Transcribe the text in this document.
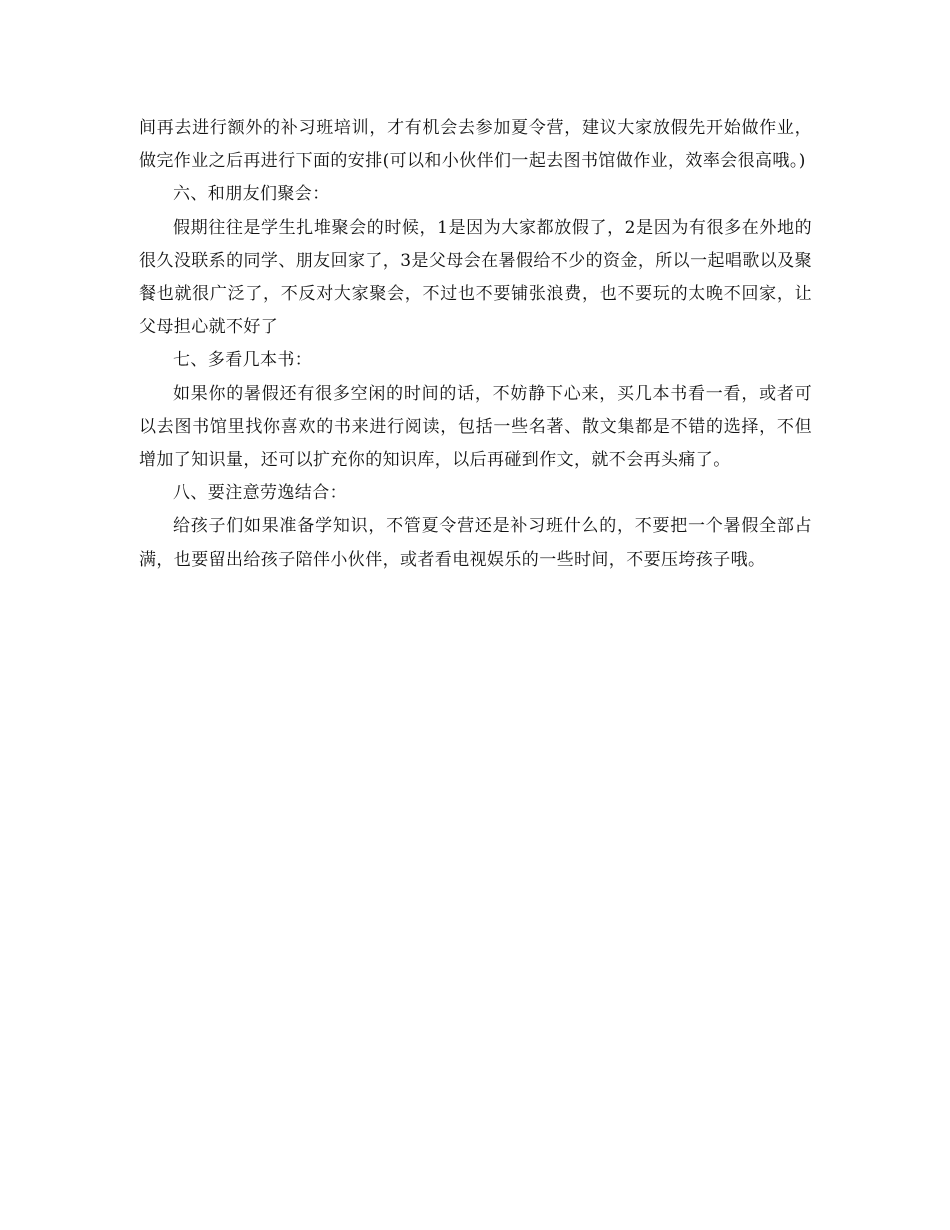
间再去进行额外的补习班培训，才有机会去参加夏令营，建议大家放假先开始做作业，做完作业之后再进行下面的安排(可以和小伙伴们一起去图书馆做作业，效率会很高哦。)

六、和朋友们聚会：

假期往往是学生扎堆聚会的时候，1是因为大家都放假了，2是因为有很多在外地的很久没联系的同学、朋友回家了，3是父母会在暑假给不少的资金，所以一起唱歌以及聚餐也就很广泛了，不反对大家聚会，不过也不要铺张浪费，也不要玩的太晚不回家，让父母担心就不好了

七、多看几本书：

如果你的暑假还有很多空闲的时间的话，不妨静下心来，买几本书看一看，或者可以去图书馆里找你喜欢的书来进行阅读，包括一些名著、散文集都是不错的选择，不但增加了知识量，还可以扩充你的知识库，以后再碰到作文，就不会再头痛了。

八、要注意劳逸结合：

给孩子们如果准备学知识，不管夏令营还是补习班什么的，不要把一个暑假全部占满，也要留出给孩子陪伴小伙伴，或者看电视娱乐的一些时间，不要压垮孩子哦。
